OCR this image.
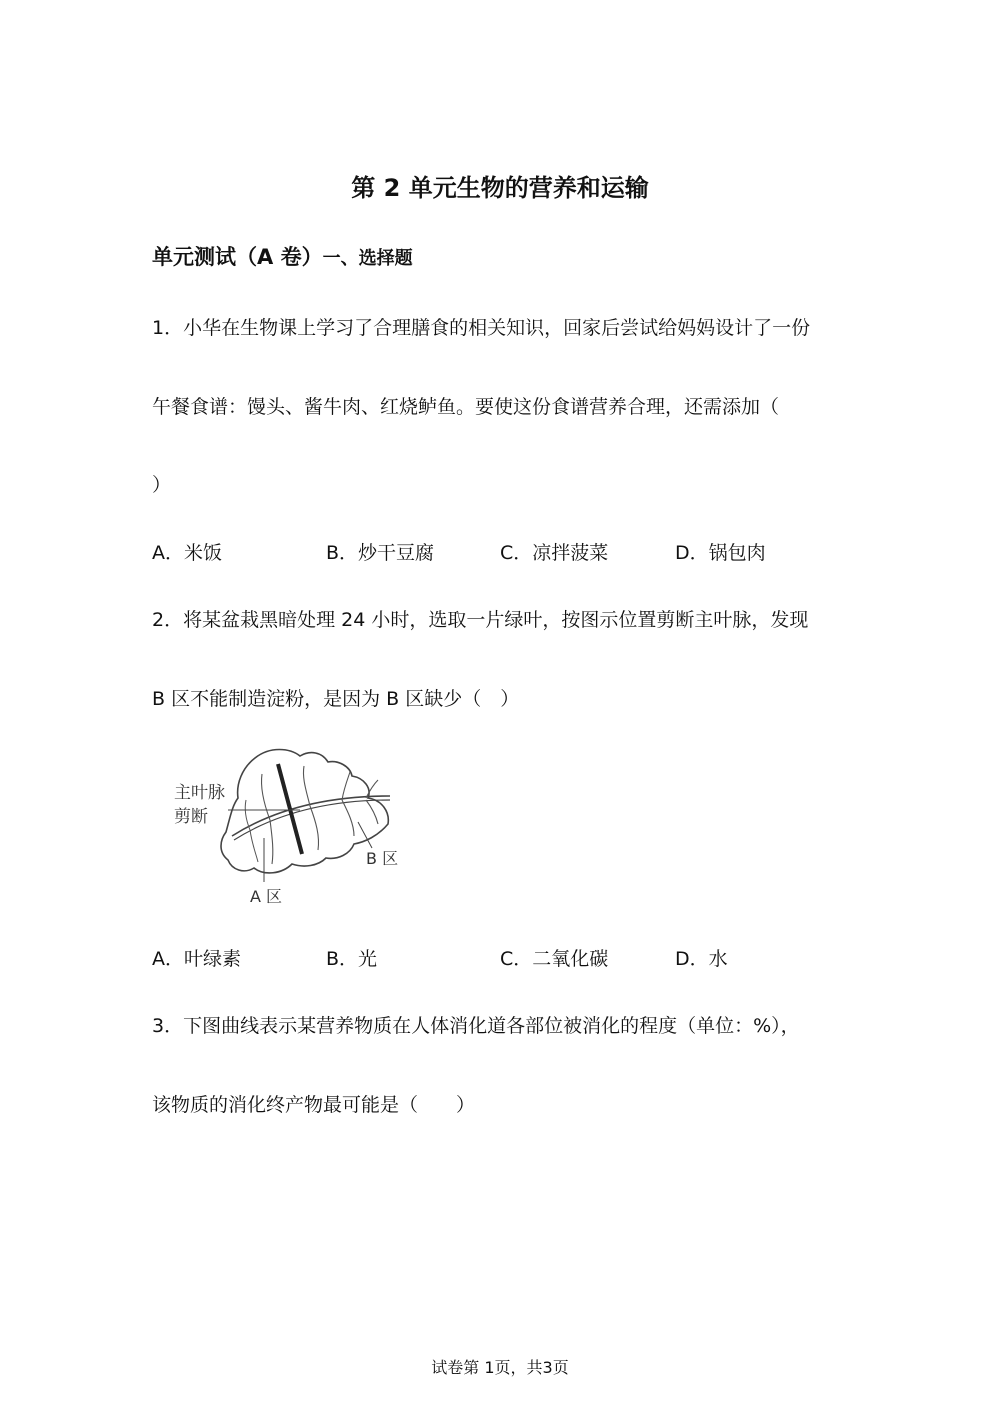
第 2 单元生物的营养和运输
单元测试（A 卷）一、选择题
1．小华在生物课上学习了合理膳食的相关知识，回家后尝试给妈妈设计了一份
午餐食谱：馒头、酱牛肉、红烧鲈鱼。要使这份食谱营养合理，还需添加（
）
A．米饭	B．炒干豆腐	C．凉拌菠菜	D．锅包肉
2．将某盆栽黑暗处理 24 小时，选取一片绿叶，按图示位置剪断主叶脉，发现
B 区不能制造淀粉，是因为 B 区缺少（　）
主叶脉
剪断
A 区
B 区
A．叶绿素	B．光	C．二氧化碳	D．水
3．下图曲线表示某营养物质在人体消化道各部位被消化的程度（单位：%），
该物质的消化终产物最可能是（　　）
试卷第 1页，共3页
